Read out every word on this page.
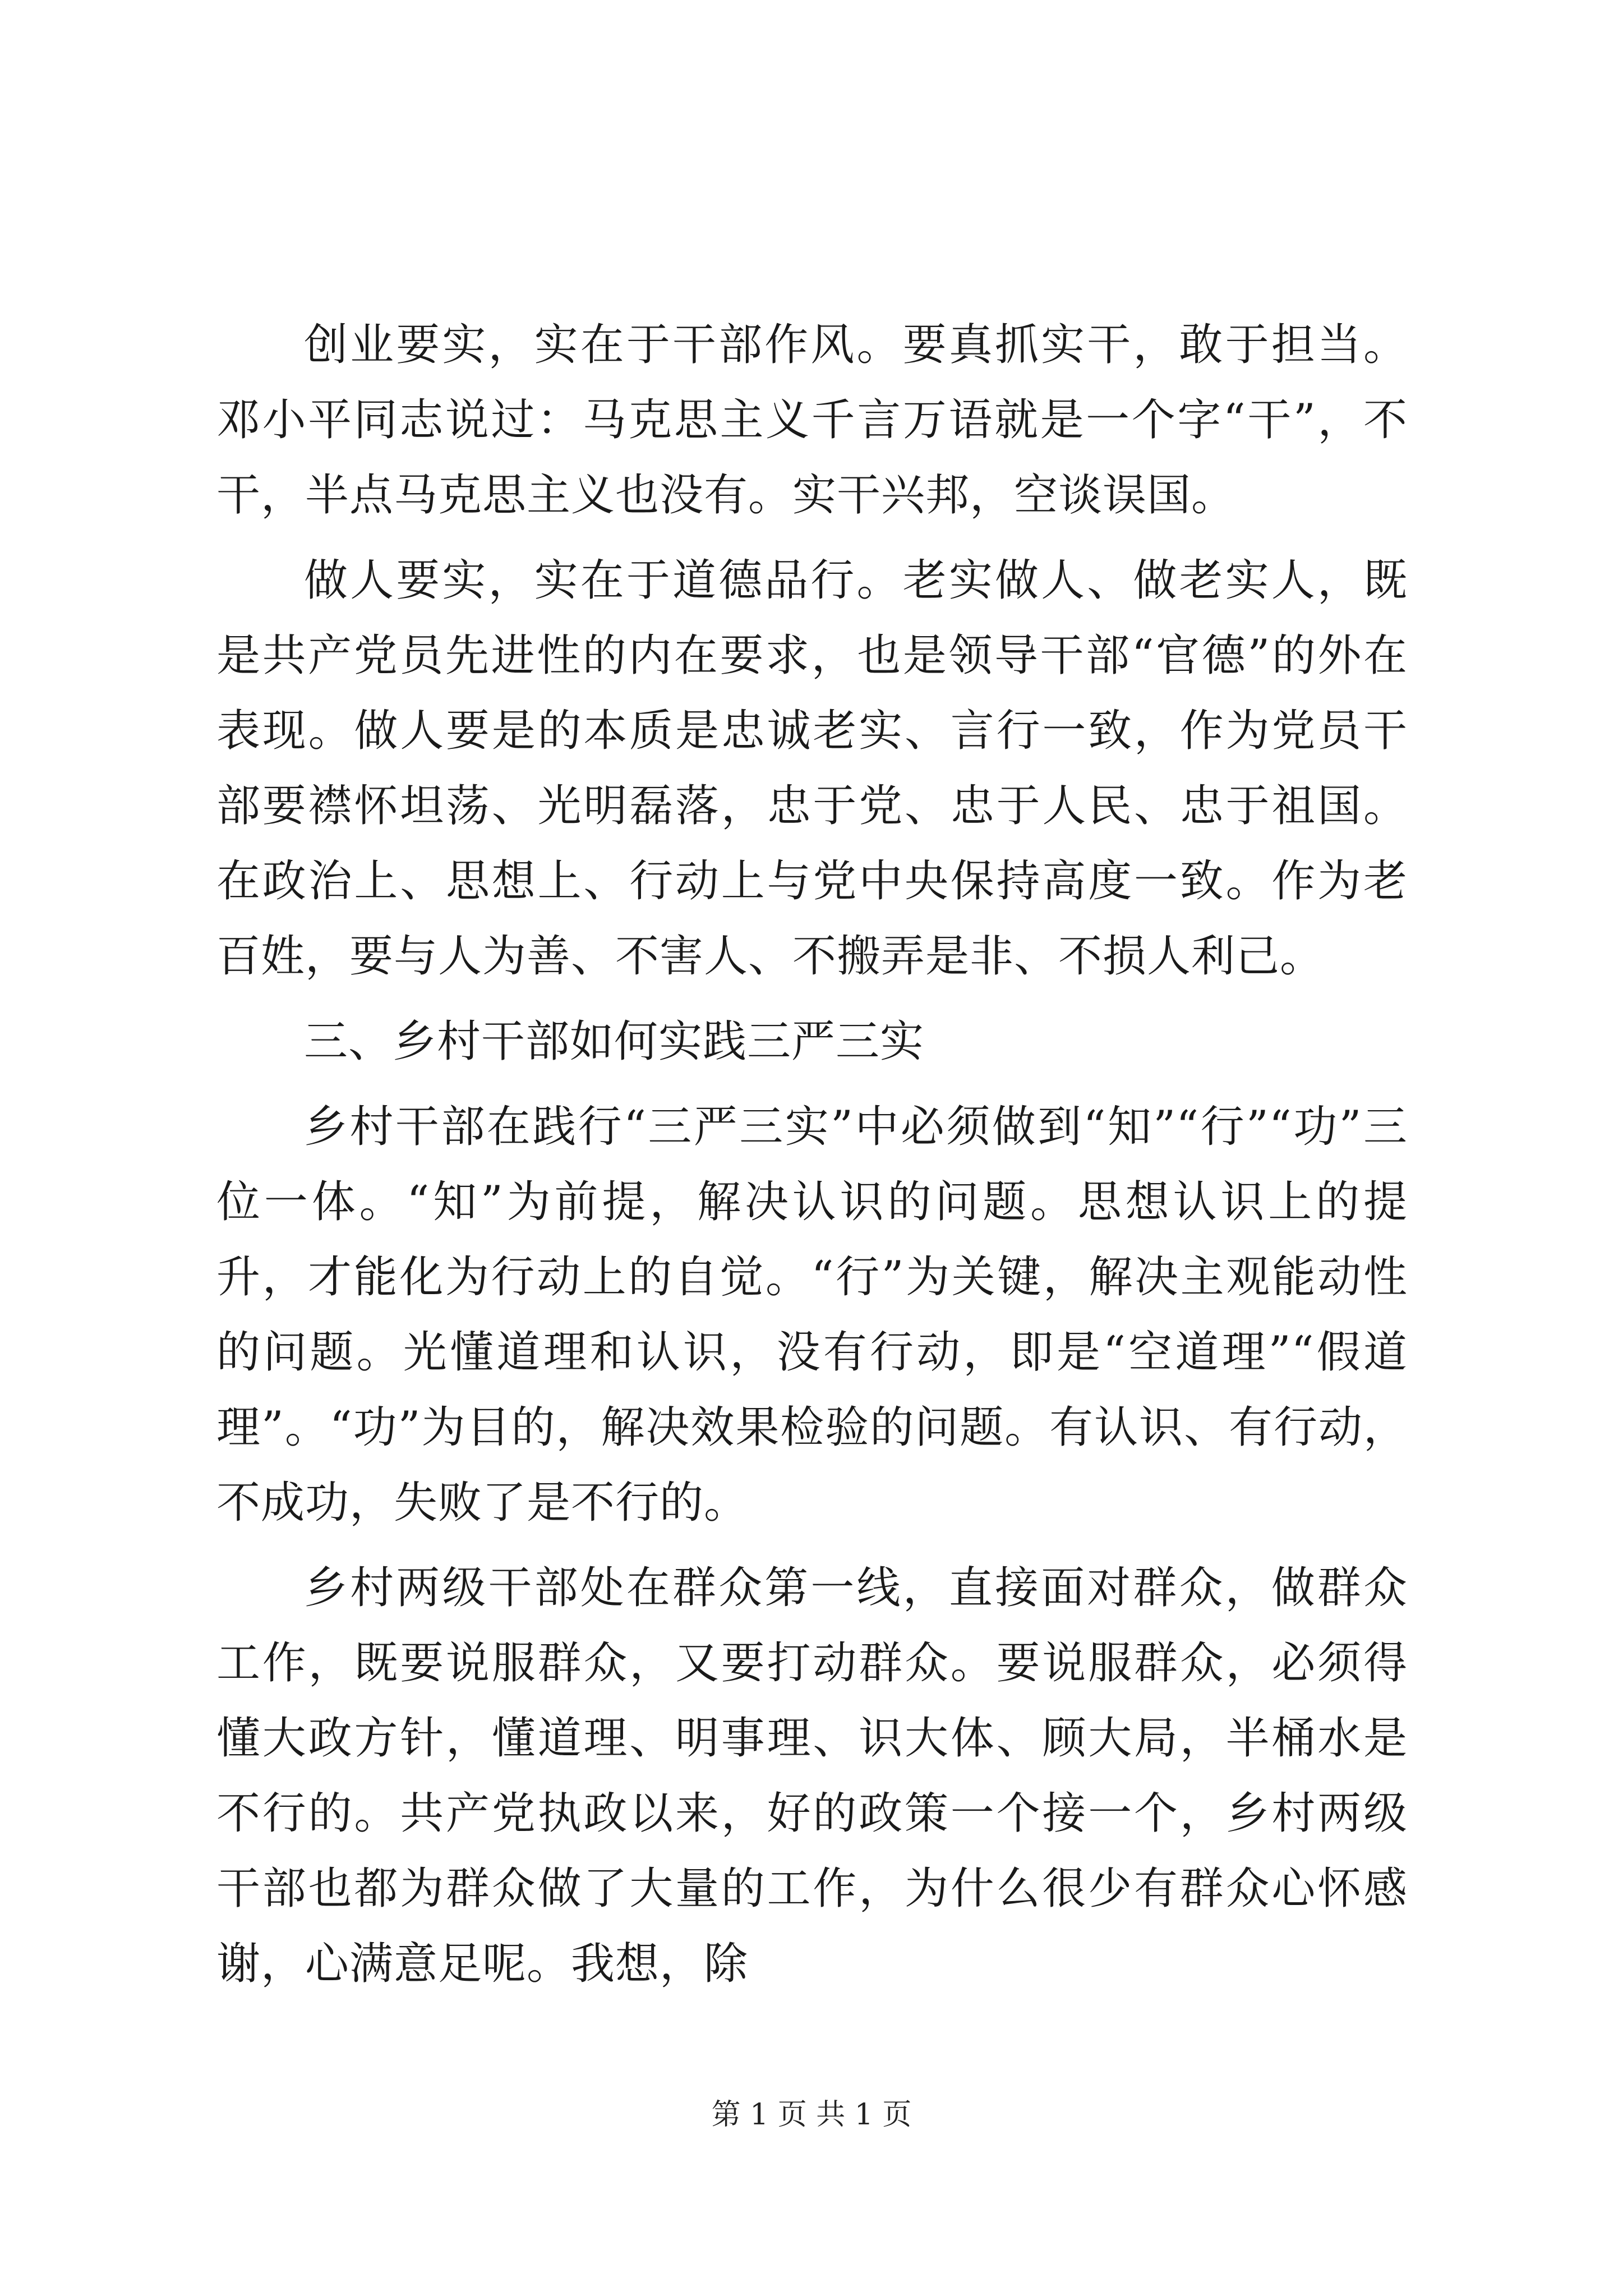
创业要实，实在于干部作风。要真抓实干，敢于担当。邓小平同志说过：马克思主义千言万语就是一个字“干”，不干，半点马克思主义也没有。实干兴邦，空谈误国。

做人要实，实在于道德品行。老实做人、做老实人，既是共产党员先进性的内在要求，也是领导干部“官德”的外在表现。做人要是的本质是忠诚老实、言行一致，作为党员干部要襟怀坦荡、光明磊落，忠于党、忠于人民、忠于祖国。在政治上、思想上、行动上与党中央保持高度一致。作为老百姓，要与人为善、不害人、不搬弄是非、不损人利己。

三、乡村干部如何实践三严三实

乡村干部在践行“三严三实”中必须做到“知”“行”“功”三位一体。“知”为前提，解决认识的问题。思想认识上的提升，才能化为行动上的自觉。“行”为关键，解决主观能动性的问题。光懂道理和认识，没有行动，即是“空道理”“假道理”。“功”为目的，解决效果检验的问题。有认识、有行动，不成功，失败了是不行的。

乡村两级干部处在群众第一线，直接面对群众，做群众工作，既要说服群众，又要打动群众。要说服群众，必须得懂大政方针，懂道理、明事理、识大体、顾大局，半桶水是不行的。共产党执政以来，好的政策一个接一个，乡村两级干部也都为群众做了大量的工作，为什么很少有群众心怀感谢，心满意足呢。我想，除

第 1 页 共 1 页
